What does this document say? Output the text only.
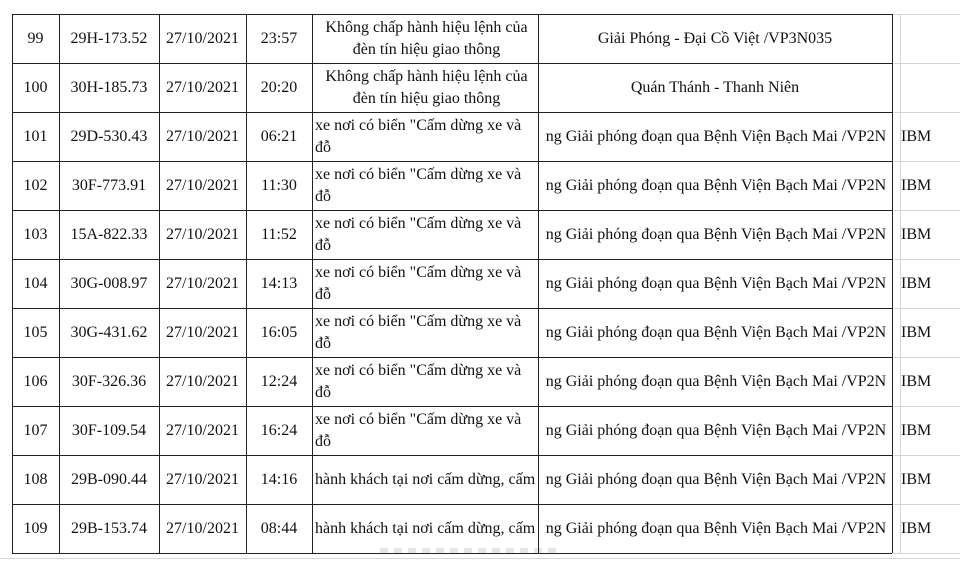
99 29H-173.52 27/10/2021 23:57
Không chấp hành hiệu lệnh của đèn tín hiệu giao thông
Giải Phóng - Đại Cồ Việt /VP3N035
100 30H-185.73 27/10/2021 20:20
Không chấp hành hiệu lệnh của đèn tín hiệu giao thông
Quán Thánh - Thanh Niên
101 29D-530.43 27/10/2021 06:21
xe nơi có biển "Cấm dừng xe và đỗ
ng Giải phóng đoạn qua Bệnh Viện Bạch Mai /VP2N IBM
102 30F-773.91 27/10/2021 11:30
xe nơi có biển "Cấm dừng xe và đỗ
ng Giải phóng đoạn qua Bệnh Viện Bạch Mai /VP2N IBM
103 15A-822.33 27/10/2021 11:52
xe nơi có biển "Cấm dừng xe và đỗ
ng Giải phóng đoạn qua Bệnh Viện Bạch Mai /VP2N IBM
104 30G-008.97 27/10/2021 14:13
xe nơi có biển "Cấm dừng xe và đỗ
ng Giải phóng đoạn qua Bệnh Viện Bạch Mai /VP2N IBM
105 30G-431.62 27/10/2021 16:05
xe nơi có biển "Cấm dừng xe và đỗ
ng Giải phóng đoạn qua Bệnh Viện Bạch Mai /VP2N IBM
106 30F-326.36 27/10/2021 12:24
xe nơi có biển "Cấm dừng xe và đỗ
ng Giải phóng đoạn qua Bệnh Viện Bạch Mai /VP2N IBM
107 30F-109.54 27/10/2021 16:24
xe nơi có biển "Cấm dừng xe và đỗ
ng Giải phóng đoạn qua Bệnh Viện Bạch Mai /VP2N IBM
108 29B-090.44 27/10/2021 14:16 hành khách tại nơi cấm dừng, cấm ng Giải phóng đoạn qua Bệnh Viện Bạch Mai /VP2N IBM
109 29B-153.74 27/10/2021 08:44 hành khách tại nơi cấm dừng, cấm ng Giải phóng đoạn qua Bệnh Viện Bạch Mai /VP2N IBM
